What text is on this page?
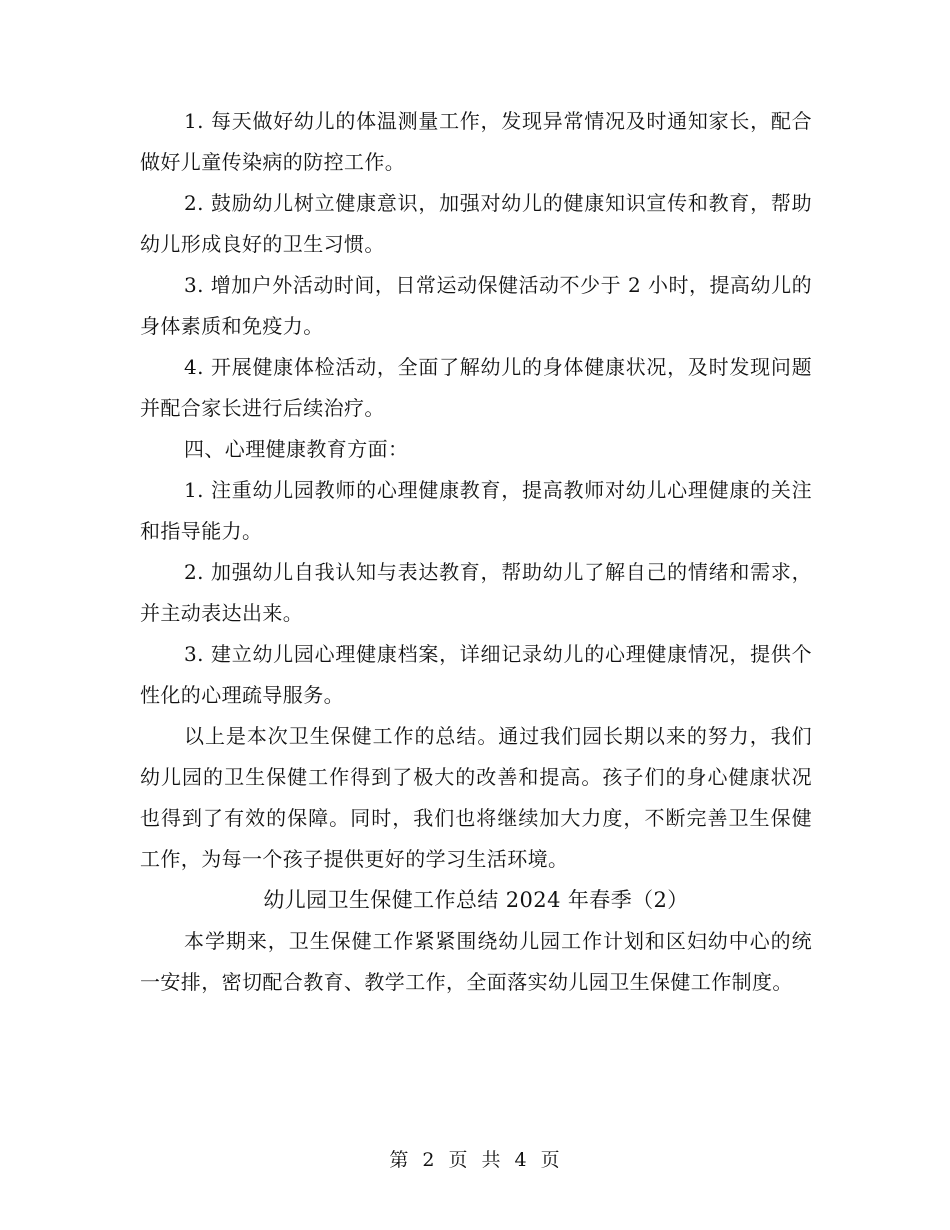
1. 每天做好幼儿的体温测量工作，发现异常情况及时通知家长，配合做好儿童传染病的防控工作。

2. 鼓励幼儿树立健康意识，加强对幼儿的健康知识宣传和教育，帮助幼儿形成良好的卫生习惯。

3. 增加户外活动时间，日常运动保健活动不少于 2 小时，提高幼儿的身体素质和免疫力。

4. 开展健康体检活动，全面了解幼儿的身体健康状况，及时发现问题并配合家长进行后续治疗。

四、心理健康教育方面：

1. 注重幼儿园教师的心理健康教育，提高教师对幼儿心理健康的关注和指导能力。

2. 加强幼儿自我认知与表达教育，帮助幼儿了解自己的情绪和需求，并主动表达出来。

3. 建立幼儿园心理健康档案，详细记录幼儿的心理健康情况，提供个性化的心理疏导服务。

以上是本次卫生保健工作的总结。通过我们园长期以来的努力，我们幼儿园的卫生保健工作得到了极大的改善和提高。孩子们的身心健康状况也得到了有效的保障。同时，我们也将继续加大力度，不断完善卫生保健工作，为每一个孩子提供更好的学习生活环境。

幼儿园卫生保健工作总结 2024 年春季（2）

本学期来，卫生保健工作紧紧围绕幼儿园工作计划和区妇幼中心的统一安排，密切配合教育、教学工作，全面落实幼儿园卫生保健工作制度。

第 2 页 共 4 页
